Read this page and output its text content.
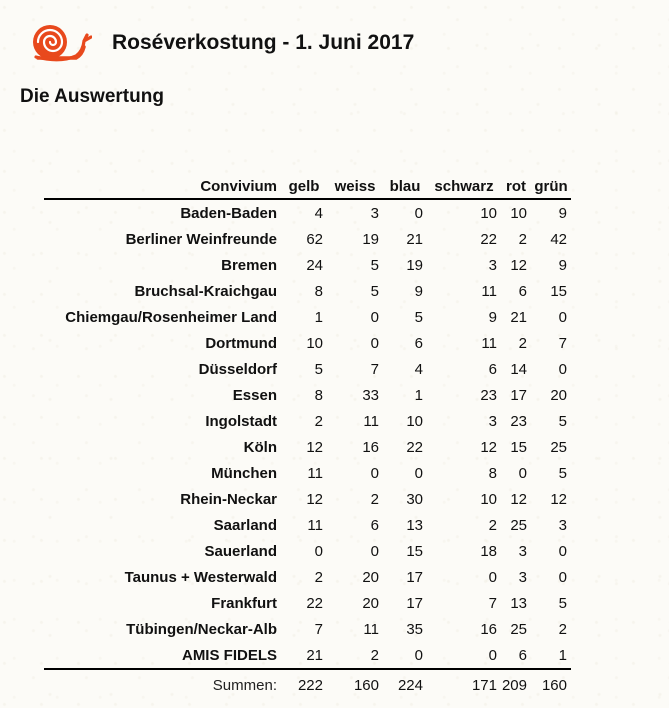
Roséverkostung - 1. Juni 2017
Die Auswertung
Convivium	gelb	weiss	blau	schwarz	rot	grün
Baden-Baden	4	3	0	10	10	9
Berliner Weinfreunde	62	19	21	22	2	42
Bremen	24	5	19	3	12	9
Bruchsal-Kraichgau	8	5	9	11	6	15
Chiemgau/Rosenheimer Land	1	0	5	9	21	0
Dortmund	10	0	6	11	2	7
Düsseldorf	5	7	4	6	14	0
Essen	8	33	1	23	17	20
Ingolstadt	2	11	10	3	23	5
Köln	12	16	22	12	15	25
München	11	0	0	8	0	5
Rhein-Neckar	12	2	30	10	12	12
Saarland	11	6	13	2	25	3
Sauerland	0	0	15	18	3	0
Taunus + Westerwald	2	20	17	0	3	0
Frankfurt	22	20	17	7	13	5
Tübingen/Neckar-Alb	7	11	35	16	25	2
AMIS FIDELS	21	2	0	0	6	1
Summen:	222	160	224	171	209	160
